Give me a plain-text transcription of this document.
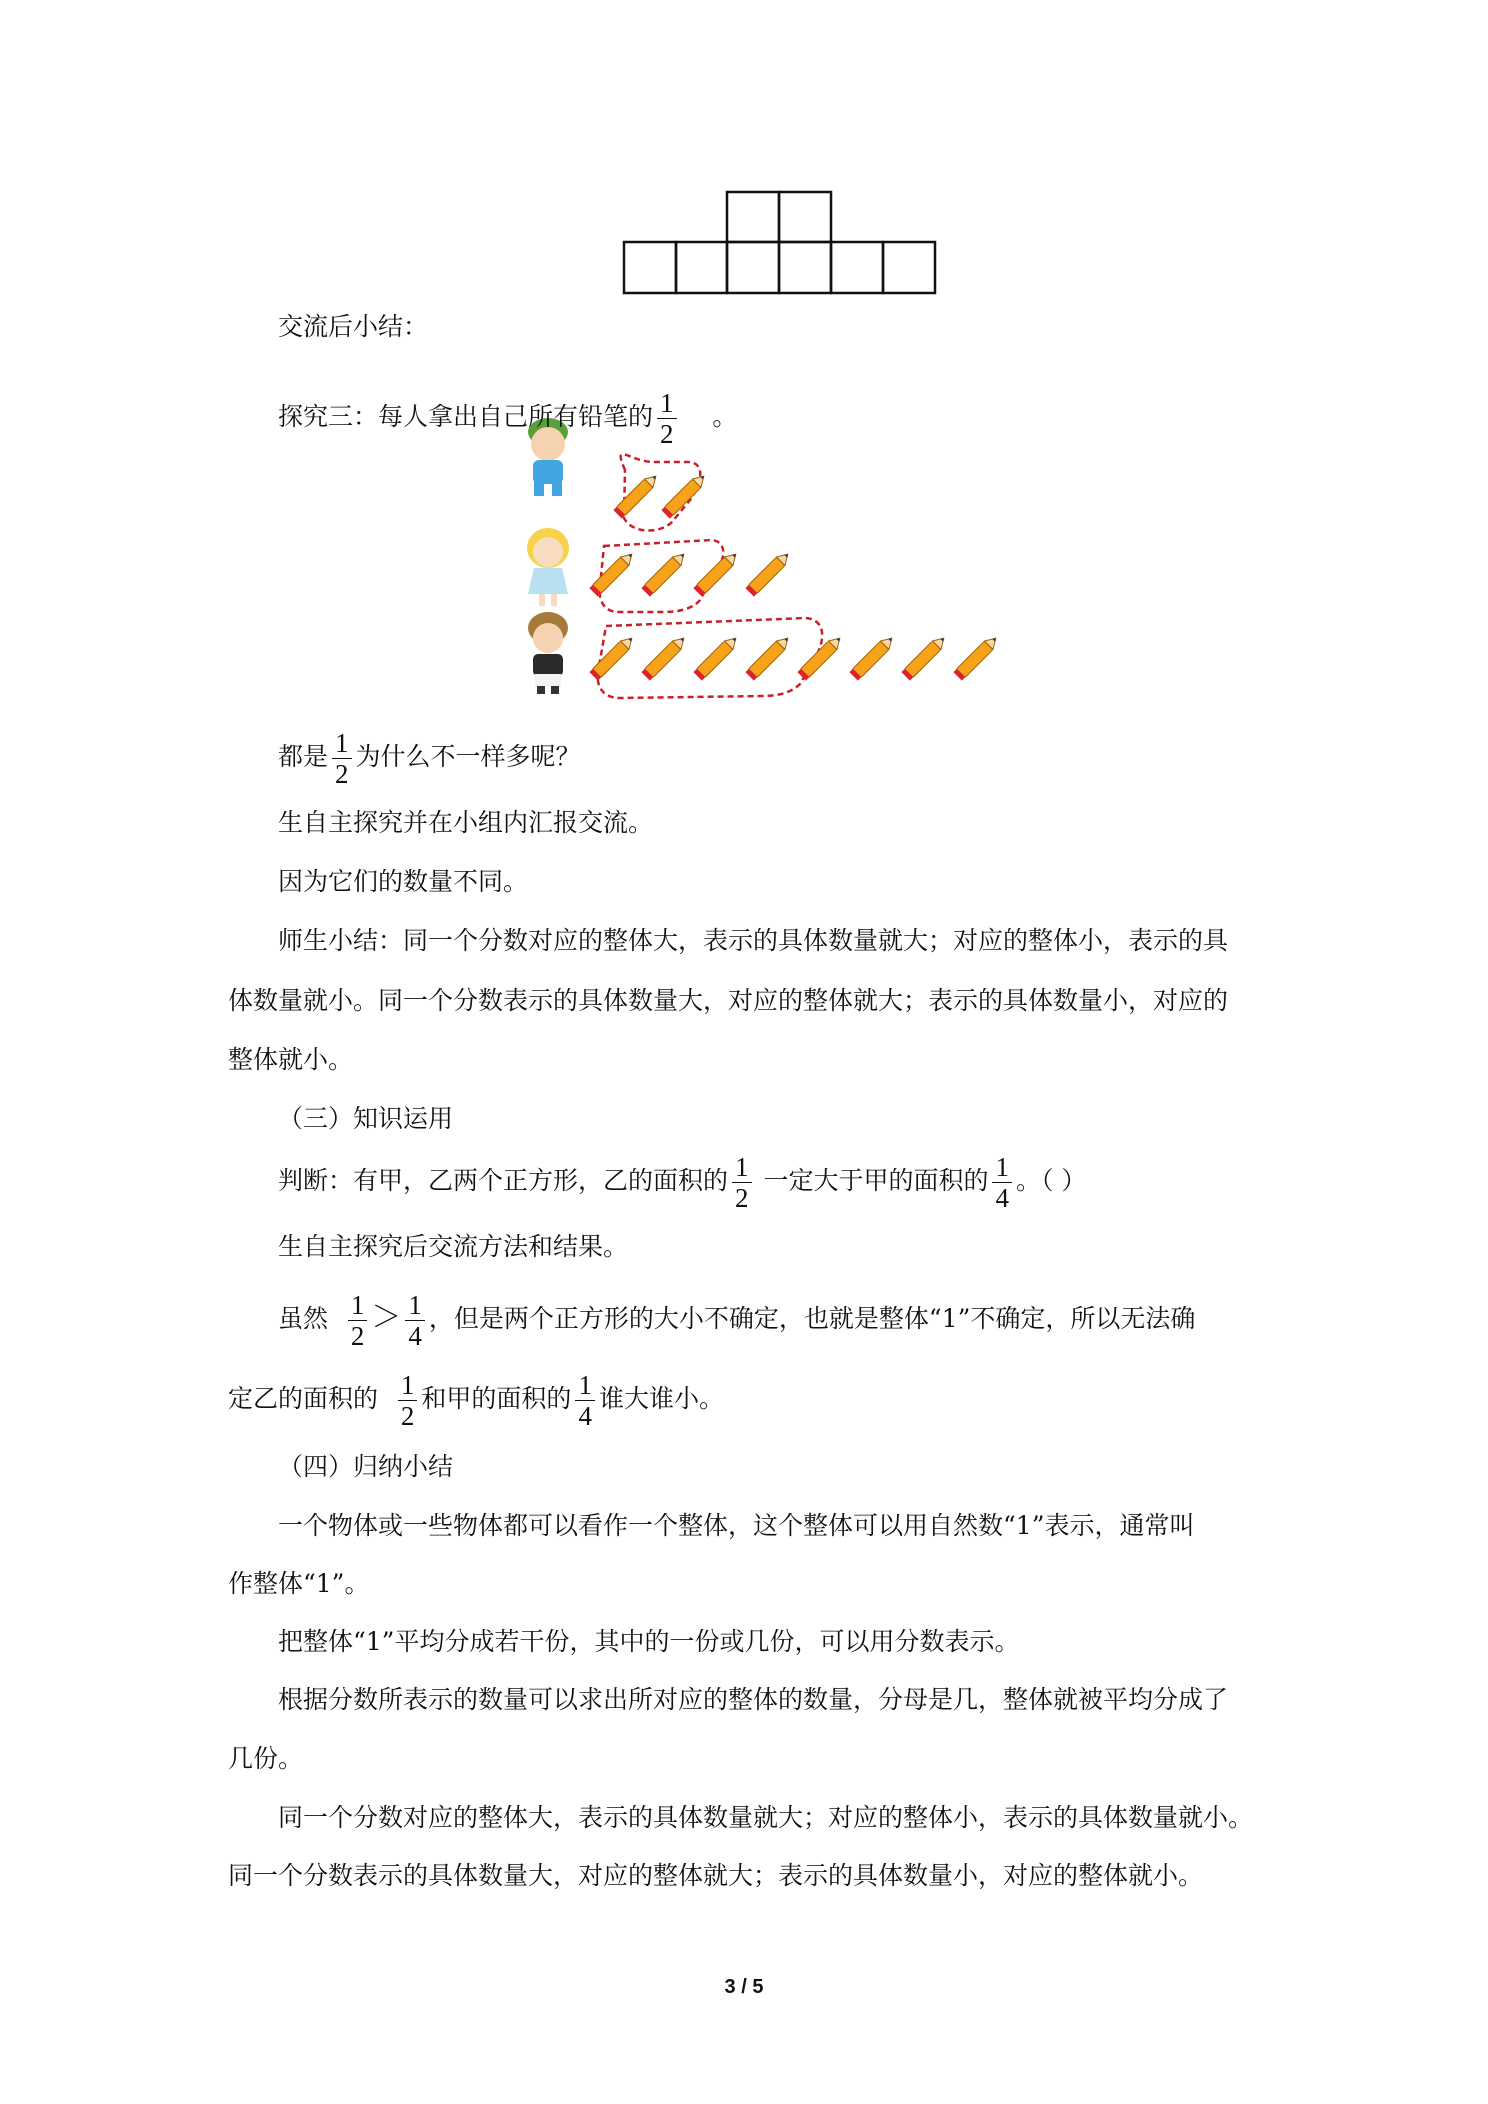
交流后小结：
探究三：每人拿出自己所有铅笔的 $\frac{1}{2}$ 。
都是 $\frac{1}{2}$ 为什么不一样多呢？
生自主探究并在小组内汇报交流。
因为它们的数量不同。
师生小结：同一个分数对应的整体大，表示的具体数量就大；对应的整体小，表示的具
体数量就小。同一个分数表示的具体数量大，对应的整体就大；表示的具体数量小，对应的
整体就小。
（三）知识运用
判断：有甲，乙两个正方形，乙的面积的 $\frac{1}{2}$ 一定大于甲的面积的 $\frac{1}{4}$ 。（ ）
生自主探究后交流方法和结果。
虽然 $\frac{1}{2} > \frac{1}{4}$ ，但是两个正方形的大小不确定，也就是整体“1”不确定，所以无法确
定乙的面积的 $\frac{1}{2}$ 和甲的面积的 $\frac{1}{4}$ 谁大谁小。
（四）归纳小结
一个物体或一些物体都可以看作一个整体，这个整体可以用自然数“1”表示，通常叫
作整体“1”。
把整体“1”平均分成若干份，其中的一份或几份，可以用分数表示。
根据分数所表示的数量可以求出所对应的整体的数量，分母是几，整体就被平均分成了
几份。
同一个分数对应的整体大，表示的具体数量就大；对应的整体小，表示的具体数量就小。
同一个分数表示的具体数量大，对应的整体就大；表示的具体数量小，对应的整体就小。
3 / 5
